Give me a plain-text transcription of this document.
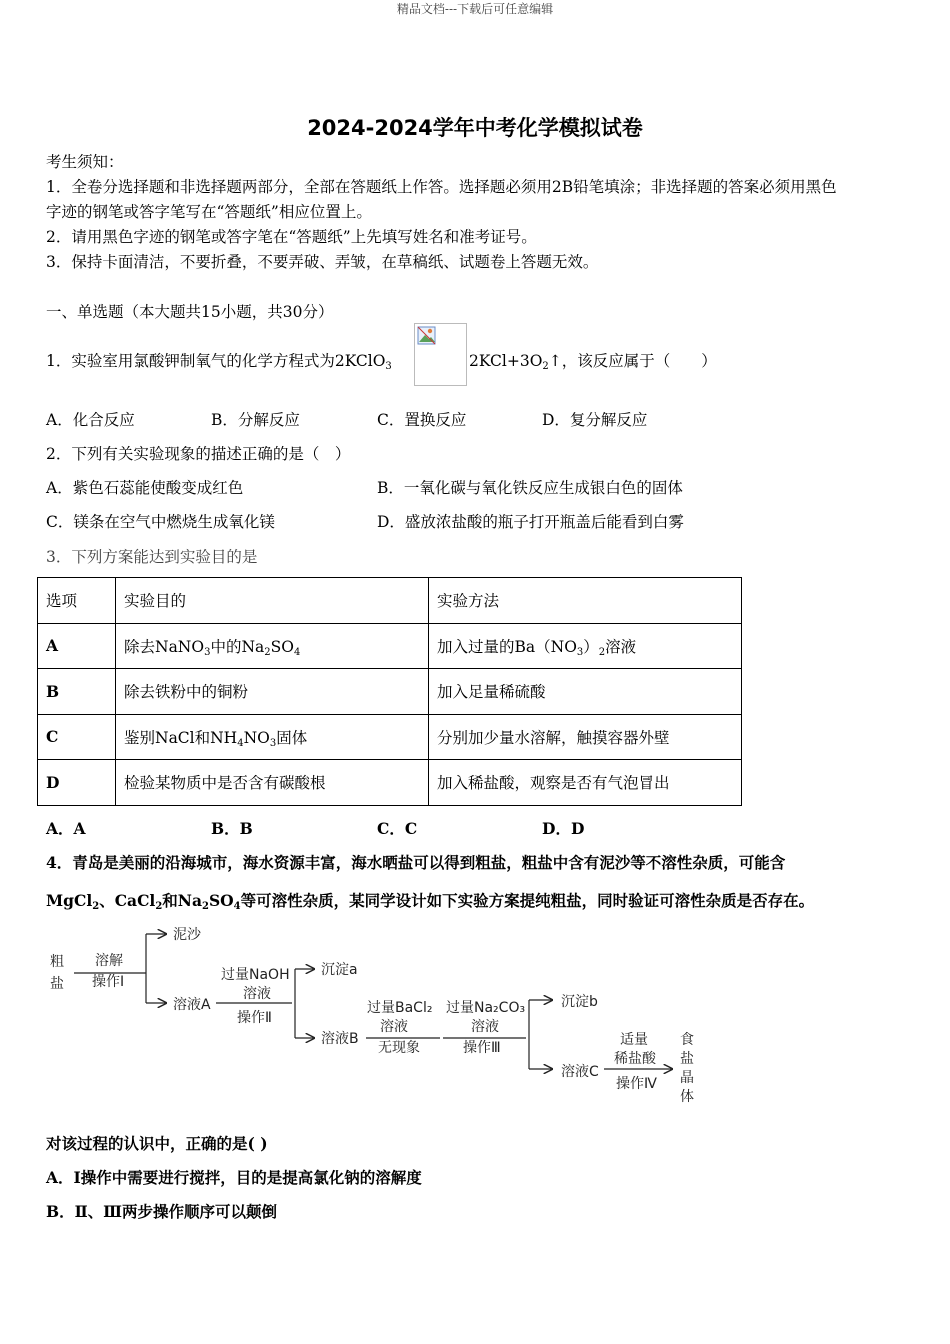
精品文档---下载后可任意编辑
2024-2024学年中考化学模拟试卷
考生须知：
1．全卷分选择题和非选择题两部分，全部在答题纸上作答。选择题必须用2B铅笔填涂；非选择题的答案必须用黑色
字迹的钢笔或答字笔写在“答题纸”相应位置上。
2．请用黑色字迹的钢笔或答字笔在“答题纸”上先填写姓名和准考证号。
3．保持卡面清洁，不要折叠，不要弄破、弄皱，在草稿纸、试题卷上答题无效。
一、单选题（本大题共15小题，共30分）
1．实验室用氯酸钾制氧气的化学方程式为2KClO$_3$	$2KCl+3O_2↑$，该反应属于（　　）
A．化合反应	B．分解反应	C．置换反应	D．复分解反应
2．下列有关实验现象的描述正确的是（　）
A．紫色石蕊能使酸变成红色	B．一氧化碳与氧化铁反应生成银白色的固体
C．镁条在空气中燃烧生成氧化镁	D．盛放浓盐酸的瓶子打开瓶盖后能看到白雾
3．下列方案能达到实验目的是
选项	实验目的	实验方法
A	除去NaNO$_3$中的$Na_2SO_4$	加入过量的$Ba(NO_3)_2$溶液
B	除去铁粉中的铜粉	加入足量稀硫酸
C	鉴别NaCl和$NH_4NO_3$固体	分别加少量水溶解，触摸容器外壁
D	检验某物质中是否含有碳酸根	加入稀盐酸，观察是否有气泡冒出
A．A	B．B	C．C	D．D
4．青岛是美丽的沿海城市，海水资源丰富，海水晒盐可以得到粗盐，粗盐中含有泥沙等不溶性杂质，可能含
MgCl$_2$、CaCl$_2$和$Na_2SO_4$等可溶性杂质，某同学设计如下实验方案提纯粗盐，同时验证可溶性杂质是否存在。
粗
盐
溶解
操作Ⅰ
泥沙
溶液A
过量NaOH
溶液
操作Ⅱ
沉淀a
溶液B
过量BaCl₂
溶液
无现象
过量Na₂CO₃
溶液
操作Ⅲ
沉淀b
溶液C
适量
稀盐酸
操作Ⅳ
食
盐
晶
体
对该过程的认识中，正确的是( )
A．Ⅰ操作中需要进行搅拌，目的是提高氯化钠的溶解度
B．Ⅱ、Ⅲ两步操作顺序可以颠倒
